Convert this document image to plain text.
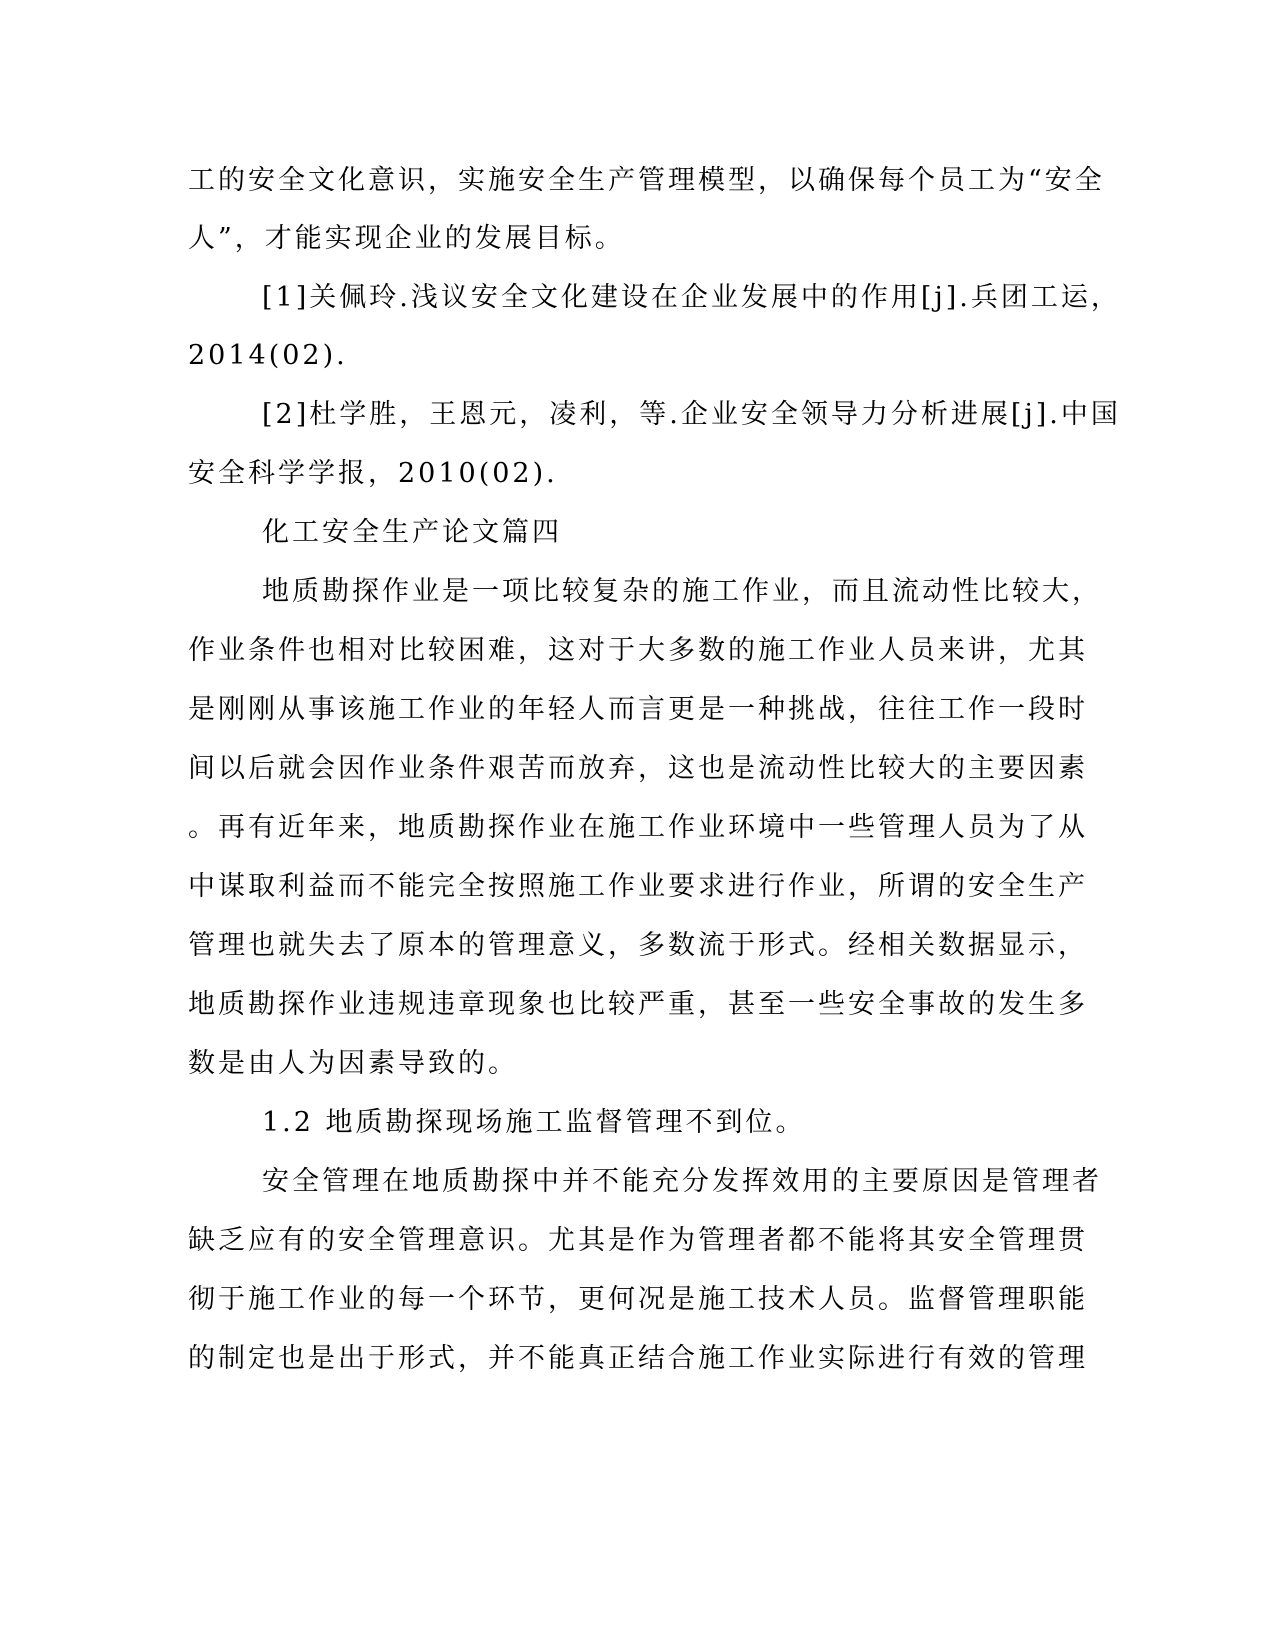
工的安全文化意识，实施安全生产管理模型，以确保每个员工为“安全
人”，才能实现企业的发展目标。
[1]关佩玲.浅议安全文化建设在企业发展中的作用[j].兵团工运，
2014(02).
[2]杜学胜，王恩元，凌利，等.企业安全领导力分析进展[j].中国
安全科学学报，2010(02).
化工安全生产论文篇四
地质勘探作业是一项比较复杂的施工作业，而且流动性比较大，
作业条件也相对比较困难，这对于大多数的施工作业人员来讲，尤其
是刚刚从事该施工作业的年轻人而言更是一种挑战，往往工作一段时
间以后就会因作业条件艰苦而放弃，这也是流动性比较大的主要因素
。再有近年来，地质勘探作业在施工作业环境中一些管理人员为了从
中谋取利益而不能完全按照施工作业要求进行作业，所谓的安全生产
管理也就失去了原本的管理意义，多数流于形式。经相关数据显示，
地质勘探作业违规违章现象也比较严重，甚至一些安全事故的发生多
数是由人为因素导致的。
1.2 地质勘探现场施工监督管理不到位。
安全管理在地质勘探中并不能充分发挥效用的主要原因是管理者
缺乏应有的安全管理意识。尤其是作为管理者都不能将其安全管理贯
彻于施工作业的每一个环节，更何况是施工技术人员。监督管理职能
的制定也是出于形式，并不能真正结合施工作业实际进行有效的管理
